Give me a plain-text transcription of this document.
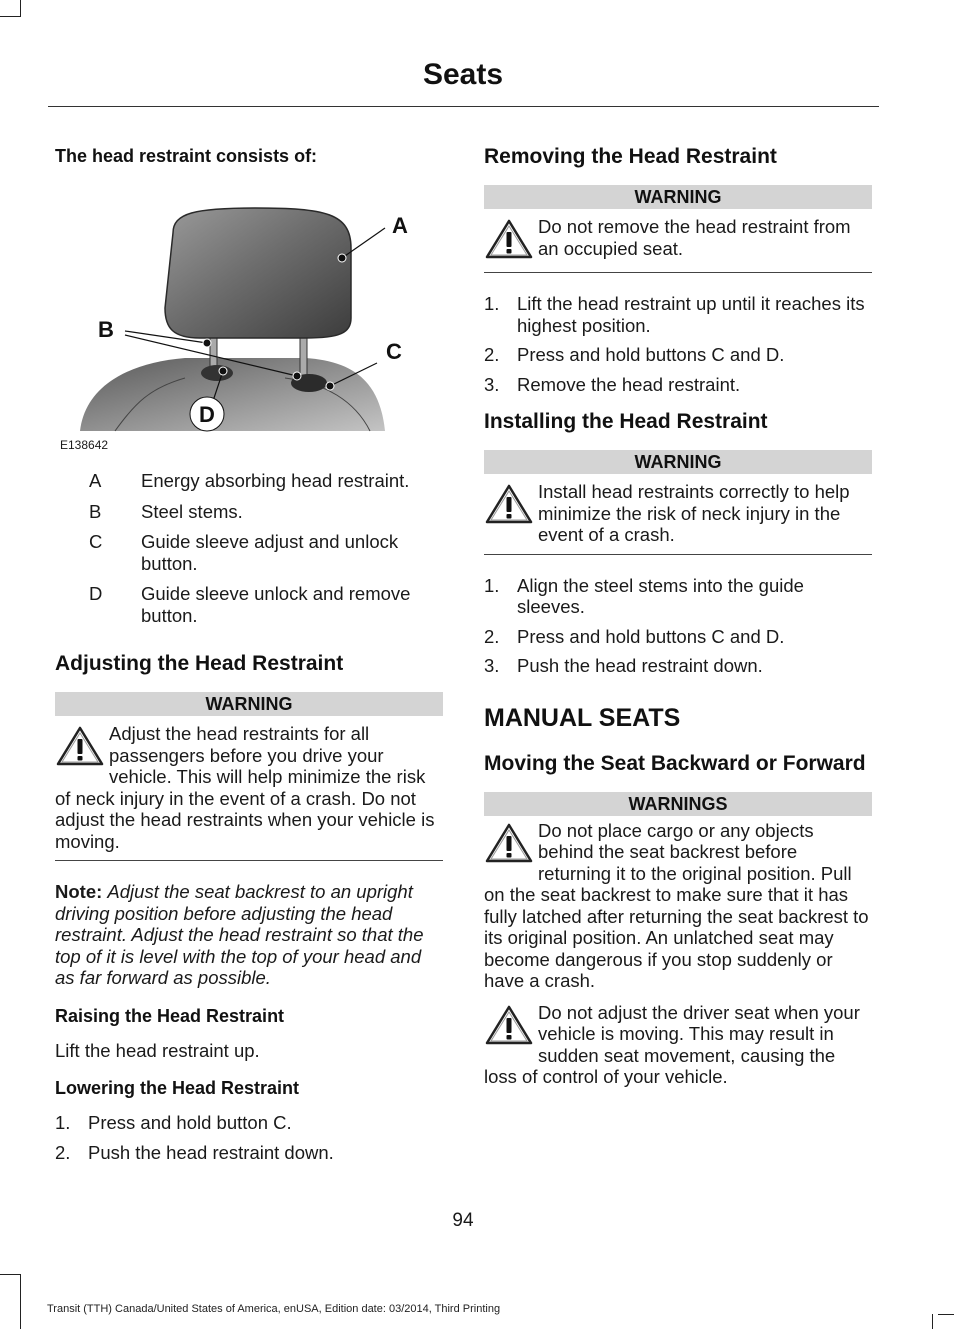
Seats

The head restraint consists of:

D
A
B
C
E138642
A	Energy absorbing head restraint.
B	Steel stems.
C	Guide sleeve adjust and unlock button.
D	Guide sleeve unlock and remove button.

Adjusting the Head Restraint

WARNING
Adjust the head restraints for all passengers before you drive your vehicle. This will help minimize the risk of neck injury in the event of a crash. Do not adjust the head restraints when your vehicle is moving.

Note: Adjust the seat backrest to an upright driving position before adjusting the head restraint. Adjust the head restraint so that the top of it is level with the top of your head and as far forward as possible.

Raising the Head Restraint

Lift the head restraint up.

Lowering the Head Restraint

1. Press and hold button C.
2. Push the head restraint down.

Removing the Head Restraint

WARNING
Do not remove the head restraint from an occupied seat.
1. Lift the head restraint up until it reaches its highest position.
2. Press and hold buttons C and D.
3. Remove the head restraint.

Installing the Head Restraint

WARNING
Install head restraints correctly to help minimize the risk of neck injury in the event of a crash.
1. Align the steel stems into the guide sleeves.
2. Press and hold buttons C and D.
3. Push the head restraint down.

MANUAL SEATS

Moving the Seat Backward or Forward

WARNINGS
Do not place cargo or any objects behind the seat backrest before returning it to the original position. Pull on the seat backrest to make sure that it has fully latched after returning the seat backrest to its original position. An unlatched seat may become dangerous if you stop suddenly or have a crash.
Do not adjust the driver seat when your vehicle is moving. This may result in sudden seat movement, causing the loss of control of your vehicle.
94
Transit (TTH) Canada/United States of America, enUSA, Edition date: 03/2014, Third Printing
